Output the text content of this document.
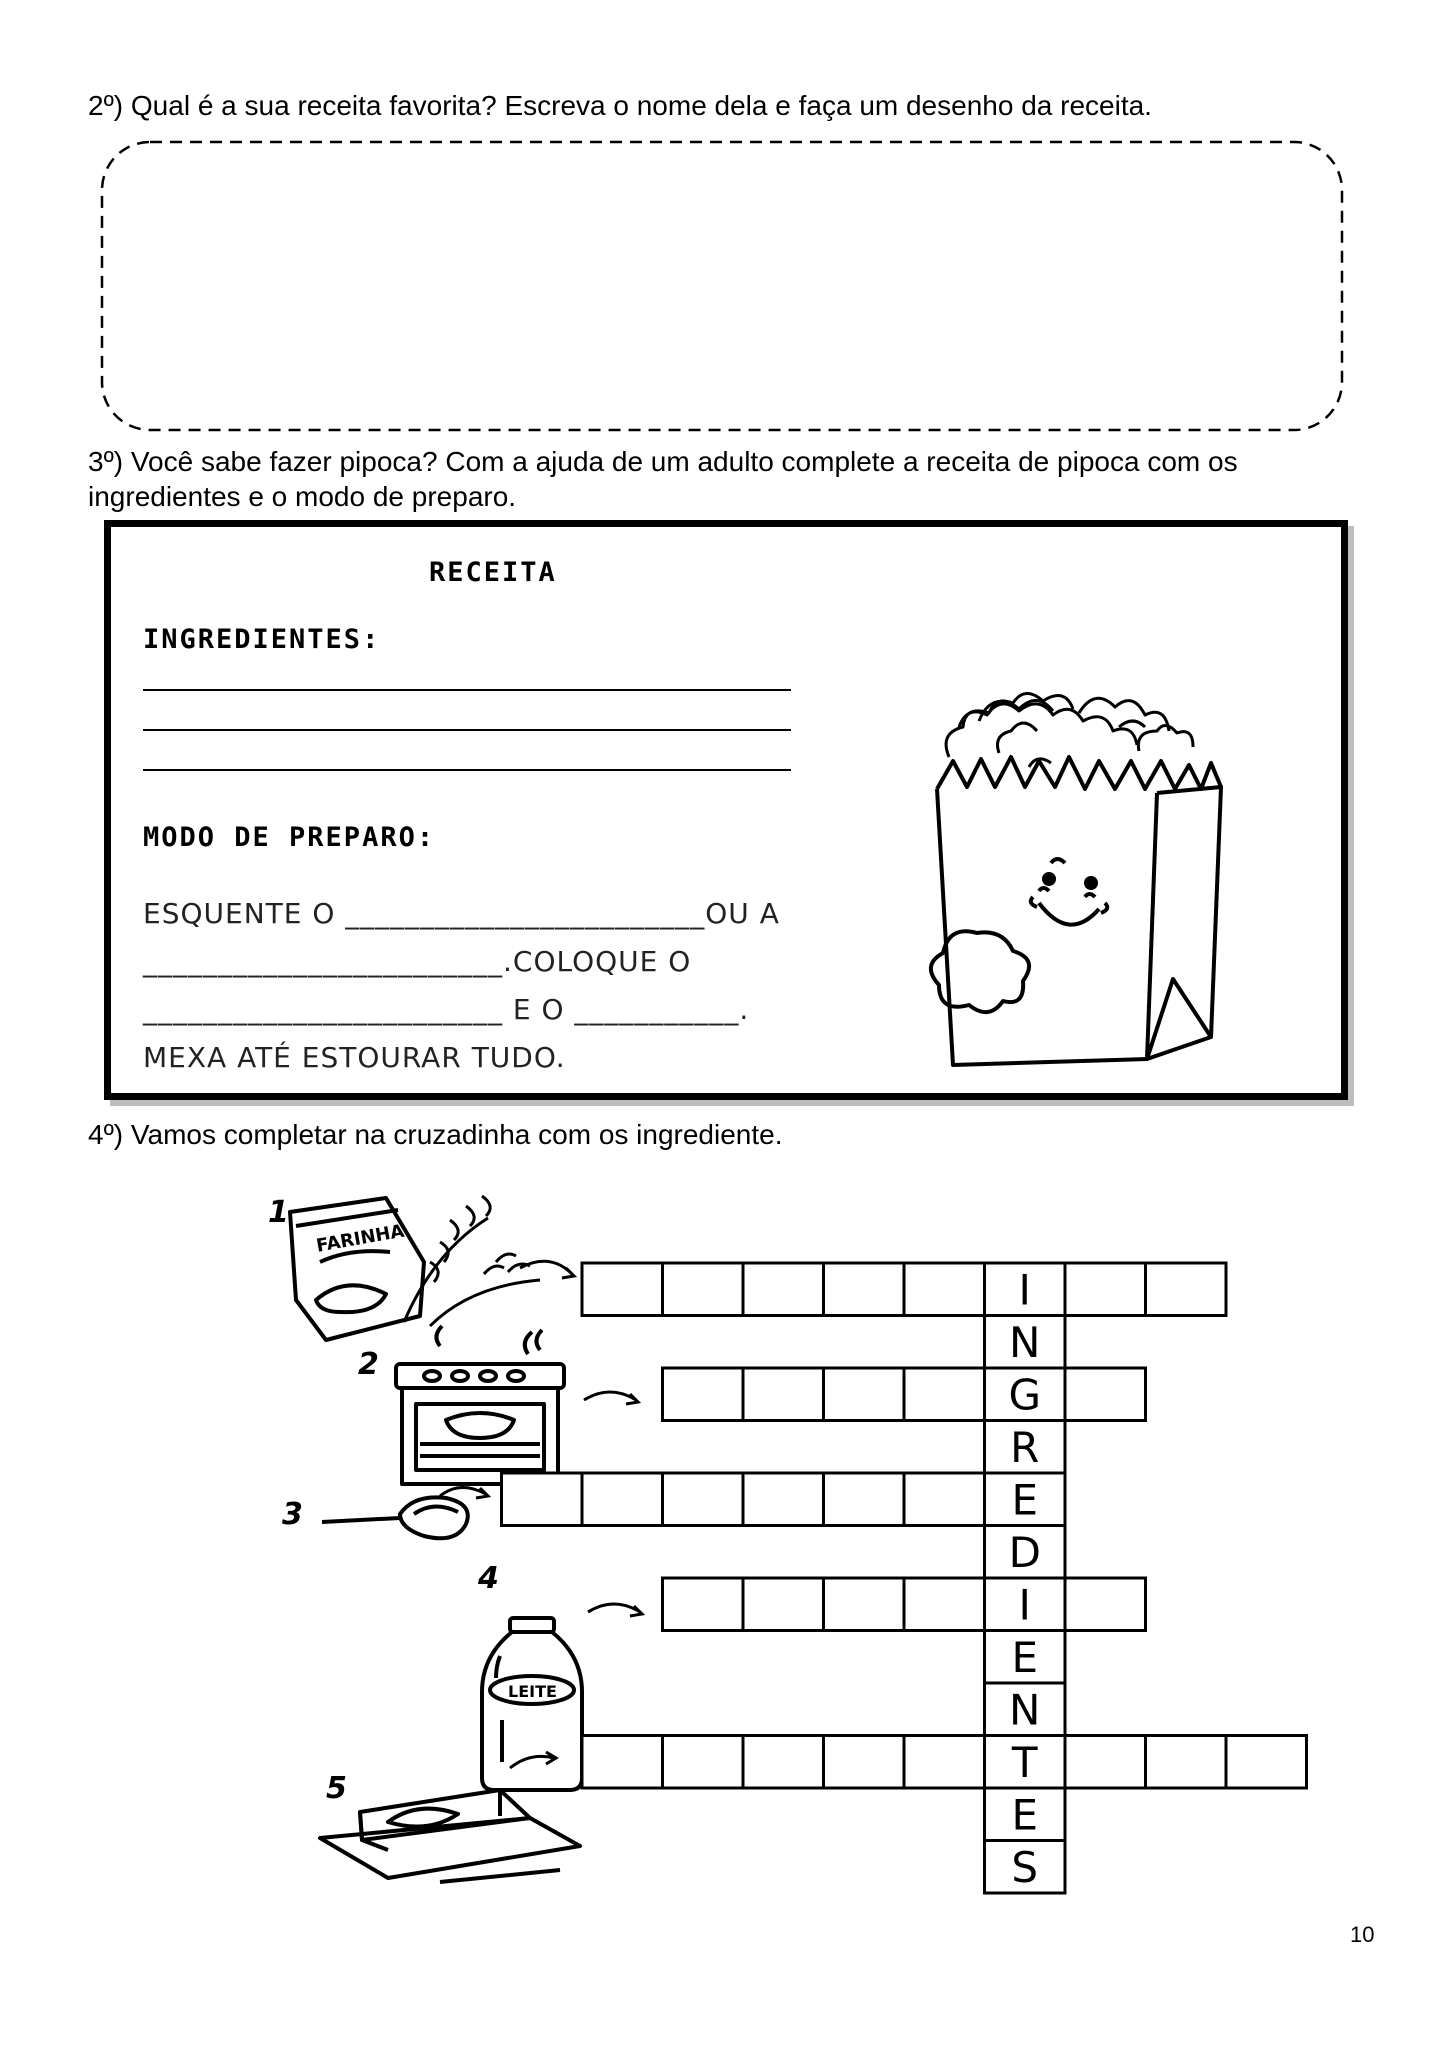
2º) Qual é a sua receita favorita? Escreva o nome dela e faça um desenho da receita.

3º) Você sabe fazer pipoca? Com a ajuda de um adulto complete a receita de pipoca com os ingredientes e o modo de preparo.

RECEITA

INGREDIENTES:

MODO DE PREPARO:

ESQUENTE O ________________________OU A

________________________.COLOQUE O

________________________ E O ___________.

MEXA ATÉ ESTOURAR TUDO.

4º) Vamos completar na cruzadinha com os ingrediente.

FARINHA
LEITE
1
2
3
4
5
I
N
G
R
E
D
I
E
N
T
E
S

10
